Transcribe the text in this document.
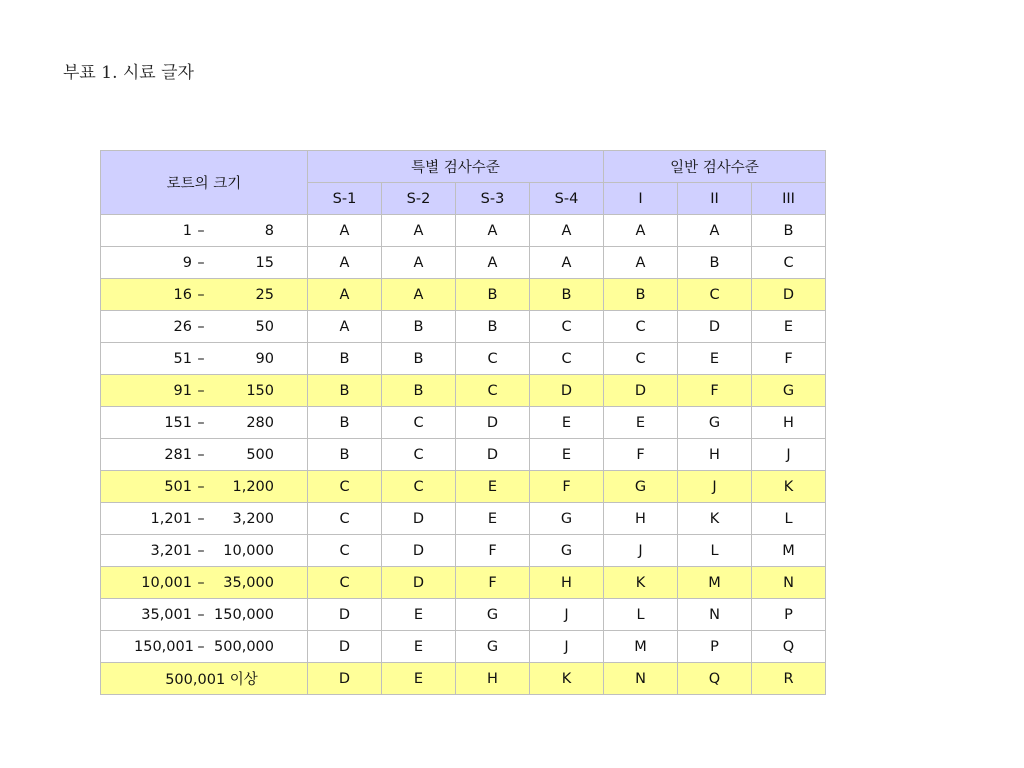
부표 1. 시료 글자
로트의 크기	특별 검사수준				일반 검사수준		
	S-1	S-2	S-3	S-4	I	II	III

1 – 8	A	A	A	A	A	A	B

9 – 15	A	A	A	A	A	B	C

16 – 25	A	A	B	B	B	C	D

26 – 50	A	B	B	C	C	D	E

51 – 90	B	B	C	C	C	E	F

91 – 150	B	B	C	D	D	F	G

151 – 280	B	C	D	E	E	G	H

281 – 500	B	C	D	E	F	H	J

501 – 1,200	C	C	E	F	G	J	K

1,201 – 3,200	C	D	E	G	H	K	L

3,201 – 10,000	C	D	F	G	J	L	M

10,001 – 35,000	C	D	F	H	K	M	N

35,001 – 150,000	D	E	G	J	L	N	P

150,001 – 500,000	D	E	G	J	M	P	Q
500,001 이상	D	E	H	K	N	Q	R
